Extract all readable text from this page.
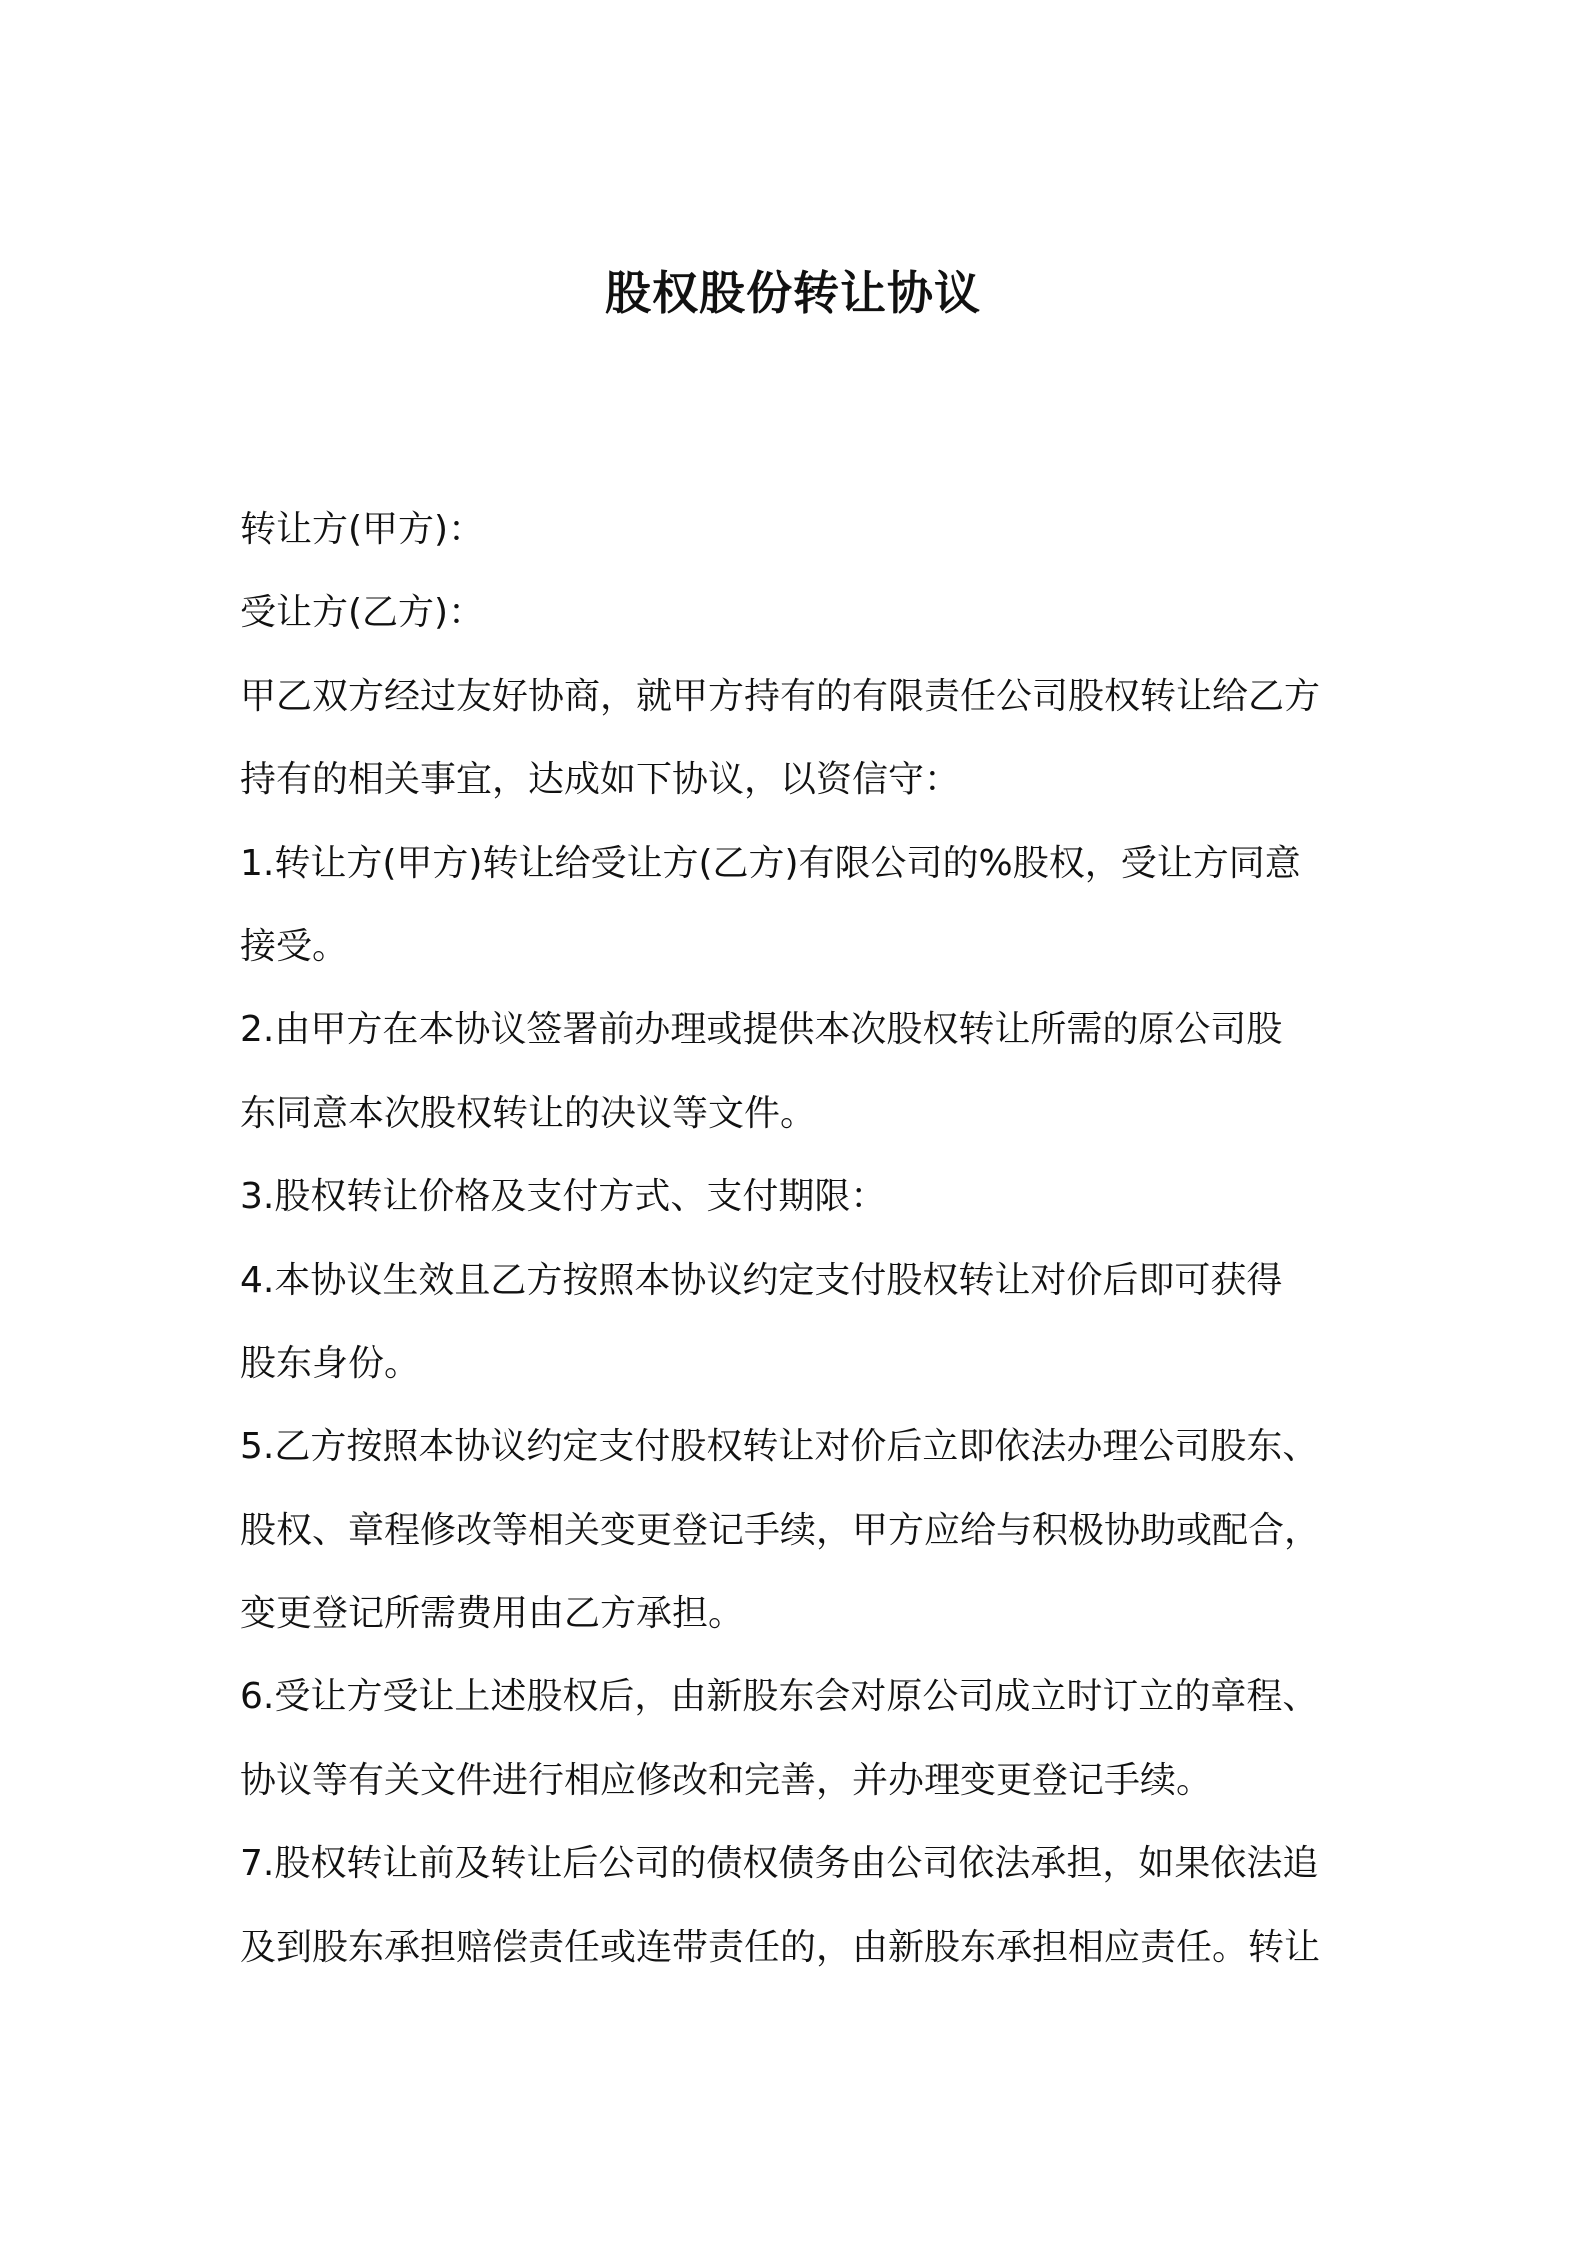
股权股份转让协议
转让方(甲方)：
受让方(乙方)：
甲乙双方经过友好协商，就甲方持有的有限责任公司股权转让给乙方
持有的相关事宜，达成如下协议，以资信守：
1.转让方(甲方)转让给受让方(乙方)有限公司的%股权，受让方同意
接受。
2.由甲方在本协议签署前办理或提供本次股权转让所需的原公司股
东同意本次股权转让的决议等文件。
3.股权转让价格及支付方式、支付期限：
4.本协议生效且乙方按照本协议约定支付股权转让对价后即可获得
股东身份。
5.乙方按照本协议约定支付股权转让对价后立即依法办理公司股东、
股权、章程修改等相关变更登记手续，甲方应给与积极协助或配合，
变更登记所需费用由乙方承担。
6.受让方受让上述股权后，由新股东会对原公司成立时订立的章程、
协议等有关文件进行相应修改和完善，并办理变更登记手续。
7.股权转让前及转让后公司的债权债务由公司依法承担，如果依法追
及到股东承担赔偿责任或连带责任的，由新股东承担相应责任。转让
